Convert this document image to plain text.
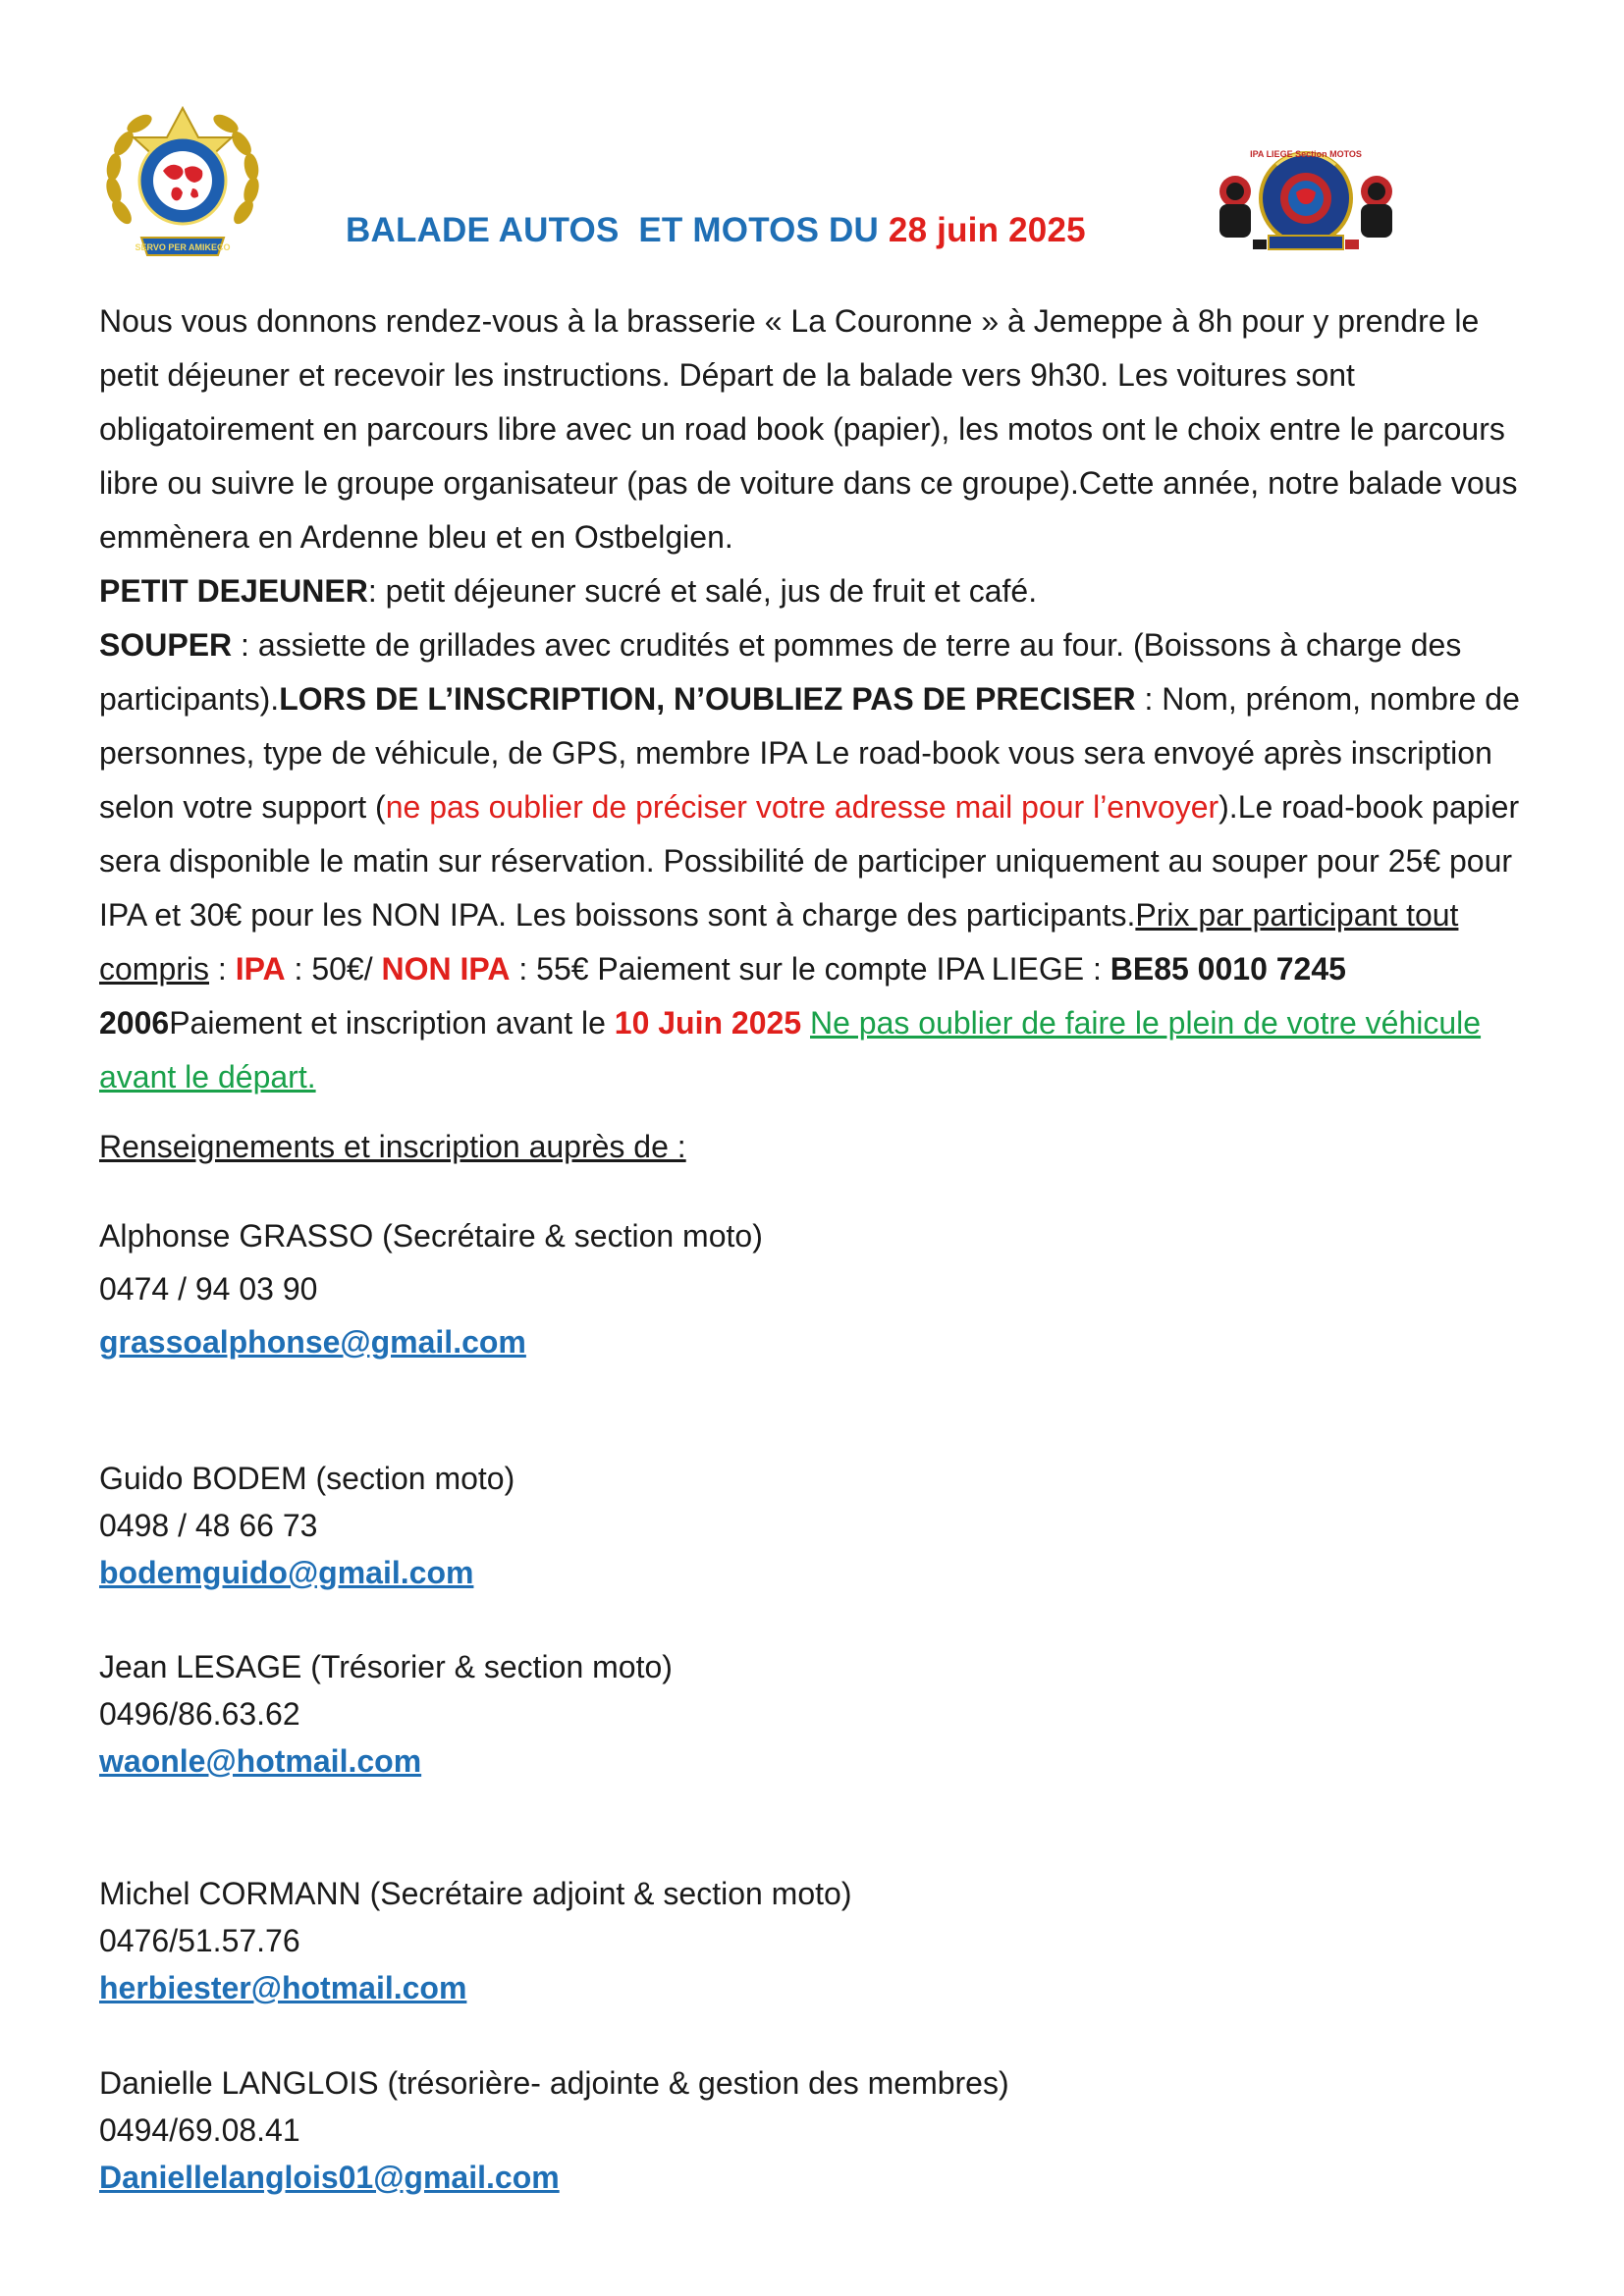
SERVO PER AMIKECO
IPA LIEGE Section MOTOS
BALADE AUTOS  ET MOTOS DU 28 juin 2025

Nous vous donnons rendez-vous à la brasserie « La Couronne » à Jemeppe à 8h pour y prendre le petit déjeuner et recevoir les instructions. Départ de la balade vers 9h30. Les voitures sont obligatoirement en parcours libre avec un road book (papier), les motos ont le choix entre le parcours libre ou suivre le groupe organisateur (pas de voiture dans ce groupe).Cette année, notre balade vous emmènera en Ardenne bleu et en Ostbelgien.
PETIT DEJEUNER: petit déjeuner sucré et salé, jus de fruit et café.
SOUPER : assiette de grillades avec crudités et pommes de terre au four. (Boissons à charge des participants).LORS DE L’INSCRIPTION, N’OUBLIEZ PAS DE PRECISER : Nom, prénom, nombre de personnes, type de véhicule, de GPS, membre IPA Le road-book vous sera envoyé après inscription selon votre support (ne pas oublier de préciser votre adresse mail pour l’envoyer).Le road-book papier sera disponible le matin sur réservation. Possibilité de participer uniquement au souper pour 25€ pour IPA et 30€ pour les NON IPA. Les boissons sont à charge des participants.Prix par participant tout compris : IPA : 50€/ NON IPA : 55€ Paiement sur le compte IPA LIEGE : BE85 0010 7245 2006Paiement et inscription avant le 10 Juin 2025 Ne pas oublier de faire le plein de votre véhicule avant le départ.

Renseignements et inscription auprès de :
Alphonse GRASSO (Secrétaire & section moto)
0474 / 94 03 90
grassoalphonse@gmail.com
Guido BODEM (section moto)
0498 / 48 66 73
bodemguido@gmail.com
Jean LESAGE (Trésorier & section moto)
0496/86.63.62
waonle@hotmail.com
Michel CORMANN (Secrétaire adjoint & section moto)
0476/51.57.76
herbiester@hotmail.com
Danielle LANGLOIS (trésorière- adjointe & gestion des membres)
0494/69.08.41
Daniellelanglois01@gmail.com
